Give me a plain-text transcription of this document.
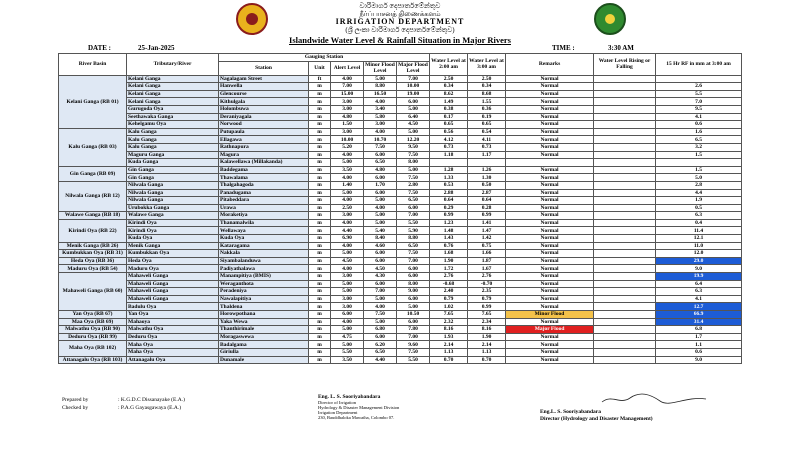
වාරිමාර්ග දෙපාර්තමේන්තුව
நீர்ப்பாசனத் திணைக்களம்
IRRIGATION DEPARTMENT
(ශ්‍රී ලංකා වාරිමාර්ග දෙපාර්තමේන්තුව)
Islandwide Water Level & Rainfall Situation in Major Rivers
DATE :	25-Jan-2025	TIME :	3:30 AM
River Basin	Tributary/River	Gauging Station					Water Level at 2:00 am	Water Level at 3:00 am	Remarks	Water Level Rising or Falling	15 Hr RF in mm at 3:00 am
		Station	Unit	Alert Level	Minor Flood Level	Major Flood Level					
Kelani Ganga (RB 01)	Kelani Ganga	Nagalagam Street	ft	4.00	5.00	7.00	2.50	2.50	Normal		
	Kelani Ganga	Hanwella	m	7.00	8.80	10.00	0.34	0.34	Normal		2.6
	Kelani Ganga	Glencourse	m	15.00	16.50	19.00	8.62	8.68	Normal		5.5
	Kelani Ganga	Kithulgala	m	3.00	4.00	6.00	1.49	1.55	Normal		7.0
	Gurugoda Oya	Holombuwa	m	3.00	3.40	5.00	0.38	0.36	Normal		9.5
	Seethawaka Ganga	Deraniyagala	m	4.80	5.80	6.40	0.17	0.19	Normal		4.1
	Kehelgamu Oya	Norwood	m	1.50	3.00	4.50	0.65	0.65	Normal		0.6
Kalu Ganga (RB 03)	Kalu Ganga	Putupaula	m	3.00	4.00	5.00	0.56	0.54	Normal		1.6
	Kalu Ganga	Ellagawa	m	10.00	10.70	12.20	4.12	4.11	Normal		6.5
	Kalu Ganga	Rathnapura	m	5.20	7.50	9.50	0.73	0.73	Normal		3.2
	Maguru Ganga	Magura	m	4.00	6.00	7.50	1.18	1.17	Normal		1.5
	Kuda Ganga	Kalawellawa (Millakanda)	m	5.00	6.50	8.00					
Gin Ganga (RB 09)	Gin Ganga	Baddegama	m	3.50	4.80	5.00	1.28	1.26	Normal		1.5
	Gin Ganga	Thawalama	m	4.00	6.00	7.50	1.33	1.30	Normal		5.0
Nilwala Ganga (RB 12)	Nilwala Ganga	Thalgahagoda	m	1.40	1.70	2.80	0.53	0.50	Normal		2.8
	Nilwala Ganga	Panadugama	m	5.00	6.00	7.50	2.88	2.87	Normal		4.4
	Nilwala Ganga	Pitabeddara	m	4.00	5.00	6.50	0.64	0.64	Normal		1.9
	Urubokka Ganga	Urawa	m	2.50	4.00	6.00	0.29	0.28	Normal		0.5
Walawe Ganga (RB 18)	Walawe Ganga	Moraketiya	m	3.00	5.00	7.00	0.99	0.99	Normal		6.3
Kirindi Oya (RB 22)	Kirindi Oya	Thanamalwila	m	4.00	5.00	5.50	1.23	1.41	Normal		0.4
	Kirindi Oya	Wellawaya	m	4.40	5.40	5.90	1.48	1.47	Normal		11.4
	Kuda Oya	Kuda Oya	m	6.90	8.40	8.80	1.43	1.42	Normal		12.1
Menik Ganga (RB 26)	Menik Ganga	Kataragama	m	4.00	4.60	6.50	0.76	0.75	Normal		11.0
Kumbukkan Oya (RB 31)	Kumbukkan Oya	Nakkala	m	5.00	6.00	7.50	1.68	1.66	Normal		12.0
Heda Oya (RB 36)	Heda Oya	Siyambalanduwa	m	4.50	6.00	7.00	1.90	1.87	Normal		29.0
Maduru Oya (RB 54)	Maduru Oya	Padiyathalawa	m	4.00	4.50	6.00	1.72	1.67	Normal		9.0
Mahaweli Ganga (RB 60)	Mahaweli Ganga	Manampitiya (BMIS)	m	3.00	4.30	6.00	2.76	2.76	Normal		19.9
	Mahaweli Ganga	Weraganthota	m	5.00	6.00	8.00	-0.68	-0.70	Normal		6.4
	Mahaweli Ganga	Peradeniya	m	5.00	7.00	9.00	2.40	2.35	Normal		6.3
	Mahaweli Ganga	Nawalapitiya	m	3.00	5.00	6.00	0.79	0.79	Normal		4.1
	Badulu Oya	Thaldena	m	3.00	4.00	5.00	1.02	0.99	Normal		12.7
Yan Oya (RB 67)	Yan Oya	Horowpothana	m	6.00	7.50	10.50	7.65	7.65	Minor Flood		66.9
Maa Oya (RB 69)	Mahaoya	Yaka Wewa	m	4.00	5.00	6.00	2.32	2.34	Normal		31.4
Malwathu Oya (RB 90)	Malwathu Oya	Thanthirimale	m	5.00	6.80	7.80	8.16	8.16	Major Flood		6.8
Deduru Oya (RB 99)	Deduru Oya	Moragaswewa	m	4.75	6.00	7.00	1.93	1.90	Normal		1.7
Maha Oya (RB 102)	Maha Oya	Badalgama	m	5.00	6.20	9.60	2.14	2.14	Normal		1.1
	Maha Oya	Giriulla	m	5.50	6.50	7.50	1.13	1.13	Normal		0.6
Attanagalu Oya (RB 103)	Attanagalu Oya	Dunamale	m	3.50	4.40	5.50	0.70	0.70	Normal		9.0
Prepared by	: K.G.D.C Dissanayake (E.A.)
Checked by	: P.A.G Gayasgawaya (E.A.)
Eng. L. S. Sooriyabandara
Director of Irrigation
Hydrology & Disaster Management Division
Irrigation Department
230, Bauddhaloka Mawatha, Colombo 07.
Eng.L. S. Sooriyabandara
Director (Hydrology and Disaster Management)
